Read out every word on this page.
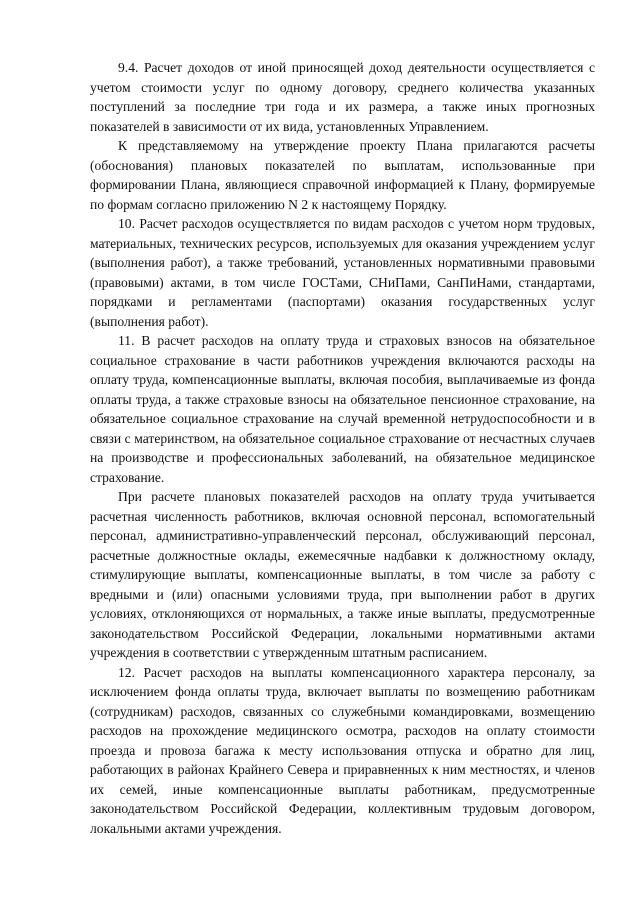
9.4. Расчет доходов от иной приносящей доход деятельности осуществляется с учетом стоимости услуг по одному договору, среднего количества указанных поступлений за последние три года и их размера, а также иных прогнозных показателей в зависимости от их вида, установленных Управлением.

К представляемому на утверждение проекту Плана прилагаются расчеты (обоснования) плановых показателей по выплатам, использованные при формировании Плана, являющиеся справочной информацией к Плану, формируемые по формам согласно приложению N 2 к настоящему Порядку.

10. Расчет расходов осуществляется по видам расходов с учетом норм трудовых, материальных, технических ресурсов, используемых для оказания учреждением услуг (выполнения работ), а также требований, установленных нормативными правовыми (правовыми) актами, в том числе ГОСТами, СНиПами, СанПиНами, стандартами, порядками и регламентами (паспортами) оказания государственных услуг (выполнения работ).

11. В расчет расходов на оплату труда и страховых взносов на обязательное социальное страхование в части работников учреждения включаются расходы на оплату труда, компенсационные выплаты, включая пособия, выплачиваемые из фонда оплаты труда, а также страховые взносы на обязательное пенсионное страхование, на обязательное социальное страхование на случай временной нетрудоспособности и в связи с материнством, на обязательное социальное страхование от несчастных случаев на производстве и профессиональных заболеваний, на обязательное медицинское страхование.

При расчете плановых показателей расходов на оплату труда учитывается расчетная численность работников, включая основной персонал, вспомогательный персонал, административно-управленческий персонал, обслуживающий персонал, расчетные должностные оклады, ежемесячные надбавки к должностному окладу, стимулирующие выплаты, компенсационные выплаты, в том числе за работу с вредными и (или) опасными условиями труда, при выполнении работ в других условиях, отклоняющихся от нормальных, а также иные выплаты, предусмотренные законодательством Российской Федерации, локальными нормативными актами учреждения в соответствии с утвержденным штатным расписанием.

12. Расчет расходов на выплаты компенсационного характера персоналу, за исключением фонда оплаты труда, включает выплаты по возмещению работникам (сотрудникам) расходов, связанных со служебными командировками, возмещению расходов на прохождение медицинского осмотра, расходов на оплату стоимости проезда и провоза багажа к месту использования отпуска и обратно для лиц, работающих в районах Крайнего Севера и приравненных к ним местностях, и членов их семей, иные компенсационные выплаты работникам, предусмотренные законодательством Российской Федерации, коллективным трудовым договором, локальными актами учреждения.
